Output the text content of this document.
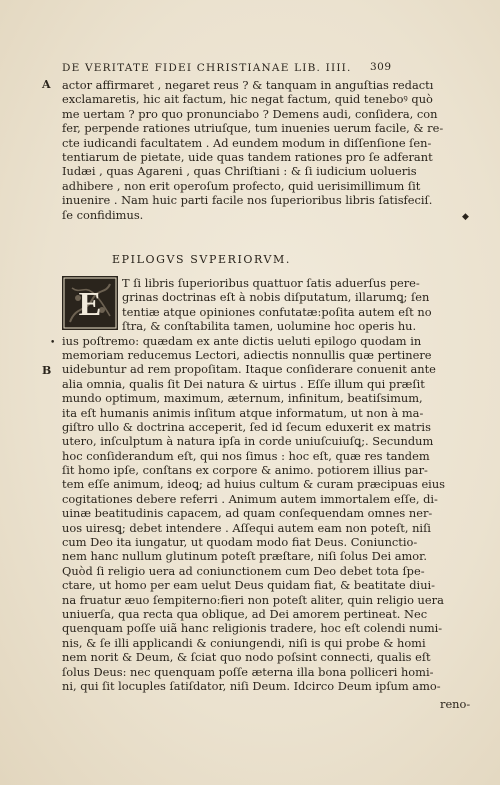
DE VERITATE FIDEI CHRISTIANAE LIB. IIII. 309
A actor affirmaret , negaret reus ? & tanquam in anguſtias redactı
exclamaretis, hic ait factum, hic negat factum, quid teneboꝰ quò
me uertam ? pro quo pronunciabo ? Demens audi, conſidera, con
fer, perpende rationes utriuſque, tum inuenies uerum facile, & re-
cte iudicandi facultatem . Ad eundem modum in diſſenſione ſen-
tentiarum de pietate, uide quas tandem rationes pro ſe adferant
Iudæi , quas Agareni , quas Chriſtiani : & ſi iudicium uolueris
adhibere , non erit operoſum profecto, quid uerisimillimum ſit
inuenire . Nam huic parti facile nos ſuperioribus libris ſatisfeciſ.
ſe confidimus.	◆
EPILOGVS SVPERIORVM.
E
B
•
T ſi libris ſuperioribus quattuor ſatis aduerſus pere-
grinas doctrinas eſt à nobis diſputatum, illarumꝗ; ſen
tentiæ atque opiniones confutatæ:poſita autem eſt no
ſtra, & conſtabilita tamen, uolumine hoc operis hu.
ius poſtremo: quædam ex ante dictis ueluti epilogo quodam in
memoriam reducemus Lectori, adiectis nonnullis quæ pertinere
uidebuntur ad rem propoſitam. Itaque conſiderare conuenit ante
alia omnia, qualis ſit Dei natura & uirtus . Eſſe illum qui præſit
mundo optimum, maximum, æternum, infinitum, beatiſsimum,
ita eſt humanis animis inſitum atque informatum, ut non à ma-
giſtro ullo & doctrina acceperit, ſed id ſecum eduxerit ex matris
utero, inſculptum à natura ipſa in corde uniuſcuiuſꝗ;. Secundum
hoc conſiderandum eſt, qui nos ſimus : hoc eſt, quæ res tandem
ſit homo ipſe, conſtans ex corpore & animo. potiorem illius par-
tem eſſe animum, ideoꝗ; ad huius cultum & curam præcipuas eius
cogitationes debere referri . Animum autem immortalem eſſe, di-
uinæ beatitudinis capacem, ad quam conſequendam omnes ner-
uos uiresꝗ; debet intendere . Aſſequi autem eam non poteſt, niſi
cum Deo ita iungatur, ut quodam modo fiat Deus. Coniunctio-
nem hanc nullum glutinum poteſt præſtare, niſi ſolus Dei amor.
Quòd ſi religio uera ad coniunctionem cum Deo debet tota ſpe-
ctare, ut homo per eam uelut Deus quidam fiat, & beatitate diui-
na fruatur æuo ſempiterno:fieri non poteſt aliter, quin religio uera
uniuerſa, qua recta qua oblique, ad Dei amorem pertineat. Nec
quenquam poſſe uiã hanc religionis tradere, hoc eſt colendi numi-
nis, & ſe illi applicandi & coniungendi, niſi is qui probe & homi
nem norit & Deum, & ſciat quo nodo poſsint connecti, qualis eſt
ſolus Deus: nec quenquam poſſe æterna illa bona polliceri homi-
ni, qui ſit locuples ſatiſdator, niſi Deum. Idcirco Deum ipſum amo-
reno-
